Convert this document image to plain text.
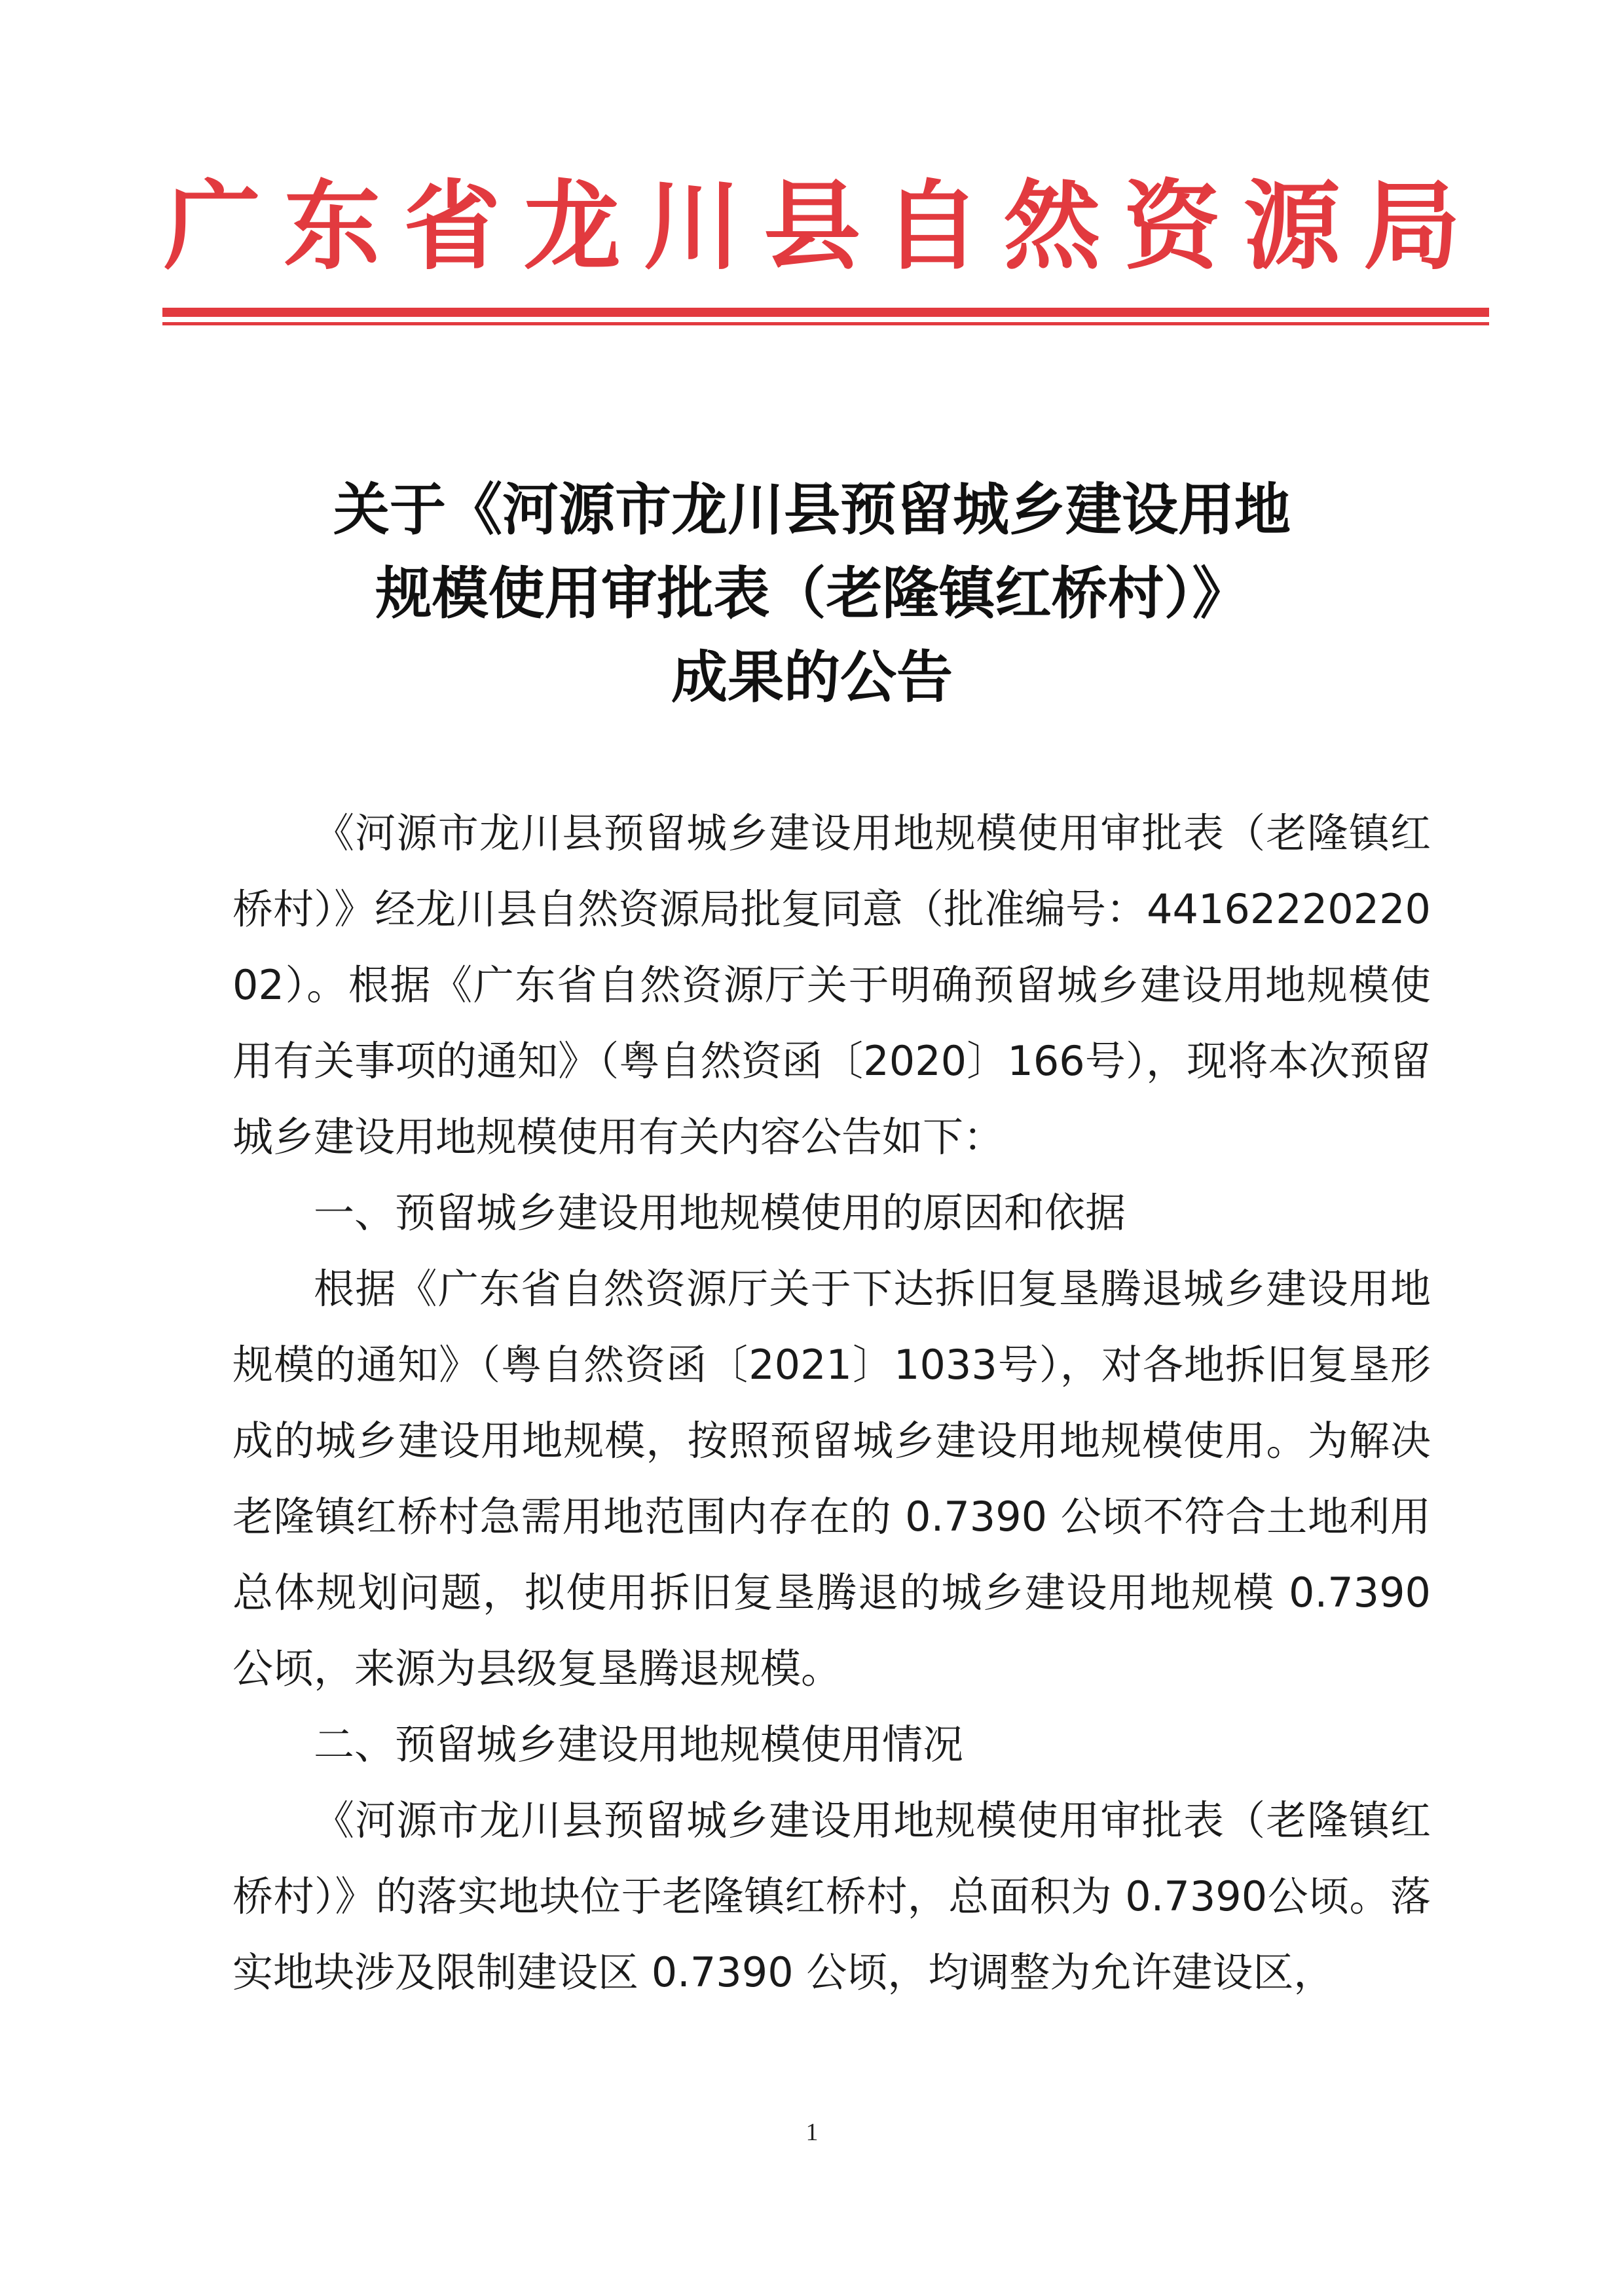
广东省龙川县自然资源局
关于《河源市龙川县预留城乡建设用地
规模使用审批表（老隆镇红桥村）》
成果的公告

《河源市龙川县预留城乡建设用地规模使用审批表（老隆镇红桥村）》经龙川县自然资源局批复同意（批准编号：4416222022002）。根据《广东省自然资源厅关于明确预留城乡建设用地规模使用有关事项的通知》（粤自然资函〔2020〕166号），现将本次预留城乡建设用地规模使用有关内容公告如下：

一、预留城乡建设用地规模使用的原因和依据

根据《广东省自然资源厅关于下达拆旧复垦腾退城乡建设用地规模的通知》（粤自然资函〔2021〕1033号），对各地拆旧复垦形成的城乡建设用地规模，按照预留城乡建设用地规模使用。为解决老隆镇红桥村急需用地范围内存在的 0.7390 公顷不符合土地利用总体规划问题，拟使用拆旧复垦腾退的城乡建设用地规模 0.7390 公顷，来源为县级复垦腾退规模。

二、预留城乡建设用地规模使用情况

《河源市龙川县预留城乡建设用地规模使用审批表（老隆镇红桥村）》的落实地块位于老隆镇红桥村，总面积为 0.7390公顷。落实地块涉及限制建设区 0.7390 公顷，均调整为允许建设区，

1
